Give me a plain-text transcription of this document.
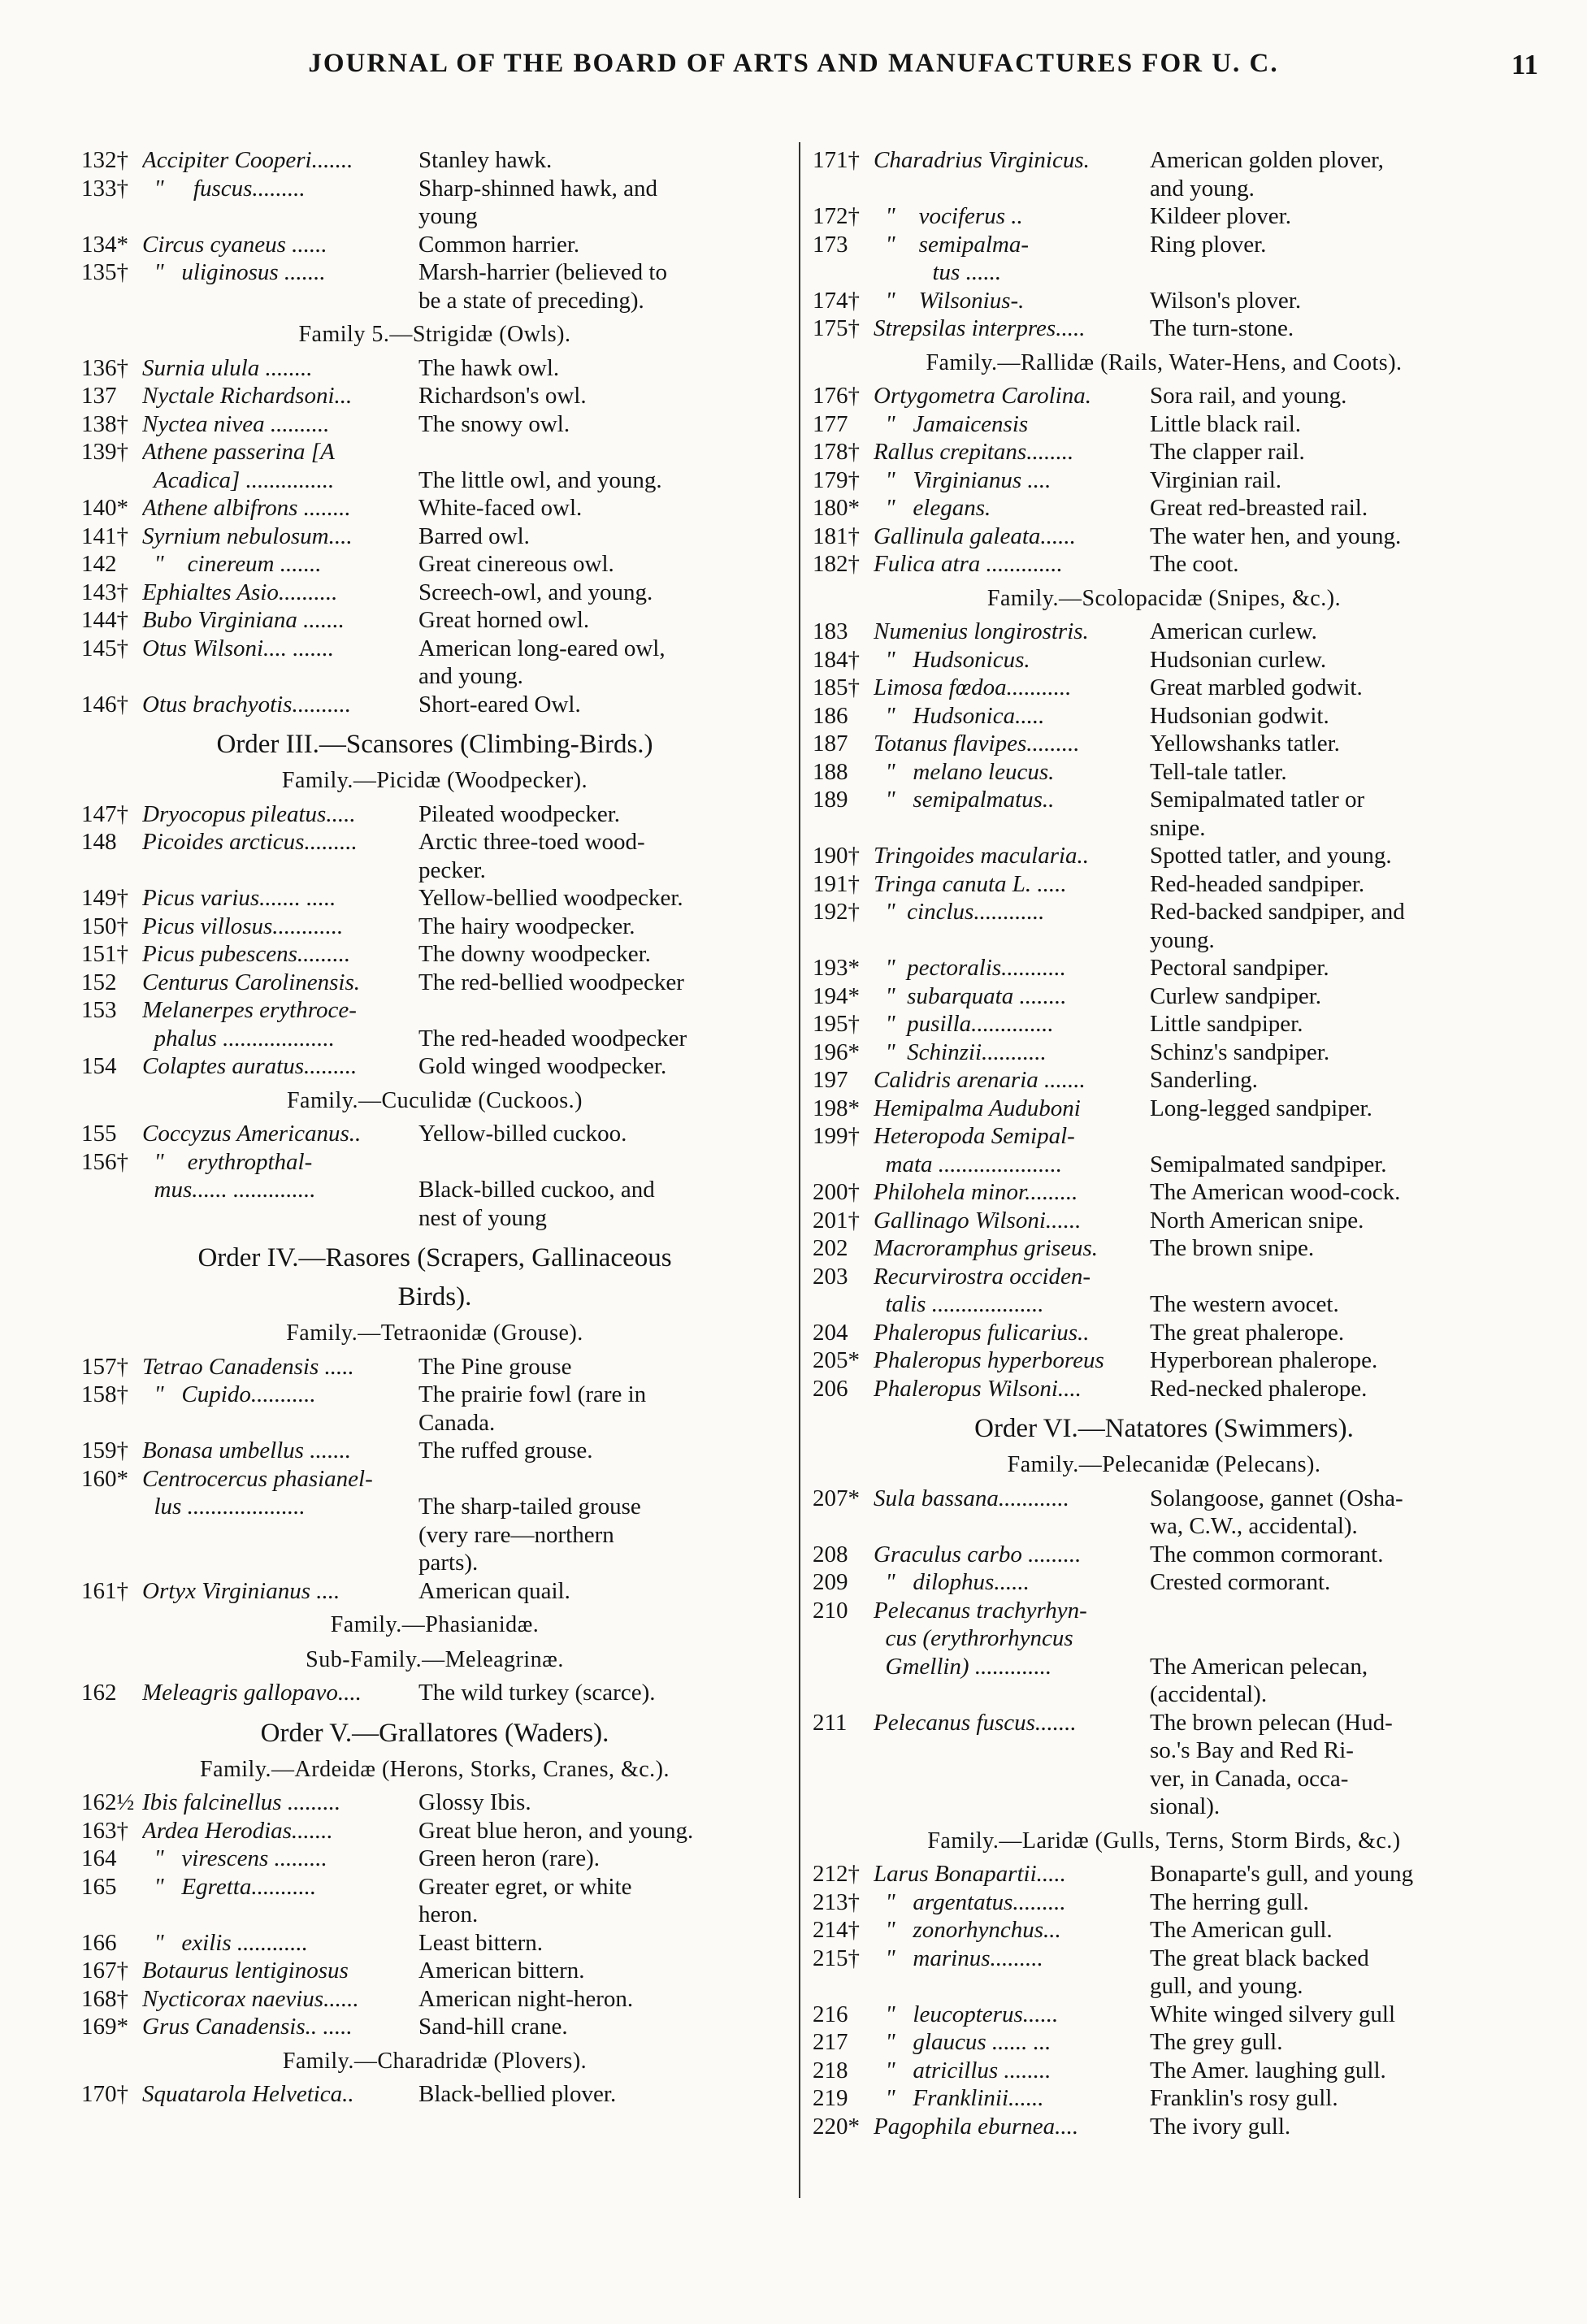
JOURNAL OF THE BOARD OF ARTS AND MANUFACTURES FOR U. C.	11
132† Accipiter Cooperi.......	Stanley hawk.
133†  "     fuscus.........	Sharp-shinned hawk, and
young
134* Circus cyaneus ......	Common harrier.
135†  "   uliginosus .......	Marsh-harrier (believed to
be a state of preceding).
Family 5.—Strigidæ (Owls).
136† Surnia ulula ........	The hawk owl.
137 Nyctale Richardsoni...	Richardson's owl.
138† Nyctea nivea ..........	The snowy owl.
139† Athene passerina [A
Acadica] ...............	The little owl, and young.
140* Athene albifrons ........	White-faced owl.
141† Syrnium nebulosum....	Barred owl.
142  "    cinereum .......	Great cinereous owl.
143† Ephialtes Asio..........	Screech-owl, and young.
144† Bubo Virginiana .......	Great horned owl.
145† Otus Wilsoni.... .......	American long-eared owl,
and young.
146† Otus brachyotis..........	Short-eared Owl.
Order III.—Scansores (Climbing-Birds.)
Family.—Picidæ (Woodpecker).
147† Dryocopus pileatus.....	Pileated woodpecker.
148 Picoides arcticus.........	Arctic three-toed wood-
pecker.
149† Picus varius....... .....	Yellow-bellied woodpecker.
150† Picus villosus............	The hairy woodpecker.
151† Picus pubescens.........	The downy woodpecker.
152 Centurus Carolinensis. The red-bellied woodpecker
153 Melanerpes erythroce-
phalus ...................	The red-headed woodpecker
154 Colaptes auratus.........	Gold winged woodpecker.
Family.—Cuculidæ (Cuckoos.)
155 Coccyzus Americanus.. Yellow-billed cuckoo.
156†  "    erythropthal-
mus...... ..............	Black-billed cuckoo, and
nest of young
Order IV.—Rasores (Scrapers, Gallinaceous
Birds).
Family.—Tetraonidæ (Grouse).
157† Tetrao Canadensis .....	The Pine grouse
158†  "   Cupido...........	The prairie fowl (rare in
Canada.
159† Bonasa umbellus .......	The ruffed grouse.
160* Centrocercus phasianel-
lus ....................	The sharp-tailed grouse
(very rare—northern
parts).
161† Ortyx Virginianus ....	American quail.
Family.—Phasianidæ.
Sub-Family.—Meleagrinæ.
162 Meleagris gallopavo.... The wild turkey (scarce).
Order V.—Grallatores (Waders).
Family.—Ardeidæ (Herons, Storks, Cranes, &c.).
162½ Ibis falcinellus .........	Glossy Ibis.
163† Ardea Herodias.......	Great blue heron, and young.
164  "   virescens .........	Green heron (rare).
165  "   Egretta...........	Greater egret, or white
heron.
166  "   exilis ............	Least bittern.
167† Botaurus lentiginosus	American bittern.
168† Nycticorax naevius......	American night-heron.
169* Grus Canadensis.. .....	Sand-hill crane.
Family.—Charadridæ (Plovers).
170† Squatarola Helvetica..	Black-bellied plover.
171† Charadrius Virginicus.	American golden plover,
and young.
172†  "    vociferus ..	Kildeer plover.
173  "    semipalma-	Ring plover.
tus ......
174†  "    Wilsonius-.	Wilson's plover.
175† Strepsilas interpres.....	The turn-stone.
Family.—Rallidæ (Rails, Water-Hens, and Coots).
176† Ortygometra Carolina. Sora rail, and young.
177  "   Jamaicensis	Little black rail.
178† Rallus crepitans........	The clapper rail.
179†  "   Virginianus ....	Virginian rail.
180*  "   elegans.	Great red-breasted rail.
181† Gallinula galeata......	The water hen, and young.
182† Fulica atra .............	The coot.
Family.—Scolopacidæ (Snipes, &c.).
183 Numenius longirostris.	American curlew.
184†  "   Hudsonicus.	Hudsonian curlew.
185† Limosa fœdoa...........	Great marbled godwit.
186  "   Hudsonica.....	Hudsonian godwit.
187 Totanus flavipes.........	Yellowshanks tatler.
188  "   melano leucus.	Tell-tale tatler.
189  "   semipalmatus..	Semipalmated tatler or
snipe.
190† Tringoides macularia..	Spotted tatler, and young.
191† Tringa canuta L. .....	Red-headed sandpiper.
192†  "  cinclus............	Red-backed sandpiper, and
young.
193*  "  pectoralis...........	Pectoral sandpiper.
194*  "  subarquata ........	Curlew sandpiper.
195†  "  pusilla..............	Little sandpiper.
196*  "  Schinzii...........	Schinz's sandpiper.
197 Calidris arenaria .......	Sanderling.
198* Hemipalma Auduboni	Long-legged sandpiper.
199† Heteropoda Semipal-
mata .....................	Semipalmated sandpiper.
200† Philohela minor.........	The American wood-cock.
201† Gallinago Wilsoni......	North American snipe.
202 Macroramphus griseus. The brown snipe.
203 Recurvirostra occiden-
talis ...................	The western avocet.
204 Phaleropus fulicarius..	The great phalerope.
205* Phaleropus hyperboreus Hyperborean phalerope.
206 Phaleropus Wilsoni....	Red-necked phalerope.
Order VI.—Natatores (Swimmers).
Family.—Pelecanidæ (Pelecans).
207* Sula bassana............	Solangoose, gannet (Osha-
wa, C.W., accidental).
208 Graculus carbo .........	The common cormorant.
209  "   dilophus......	Crested cormorant.
210 Pelecanus trachyrhyn-
cus (erythrorhyncus
Gmellin) .............	The American pelecan,
(accidental).
211 Pelecanus fuscus.......	The brown pelecan (Hud-
so.'s Bay and Red Ri-
ver, in Canada, occa-
sional).
Family.—Laridæ (Gulls, Terns, Storm Birds, &c.)
212† Larus Bonapartii.....	Bonaparte's gull, and young
213†  "   argentatus.........	The herring gull.
214†  "   zonorhynchus...	The American gull.
215†  "   marinus.........	The great black backed
gull, and young.
216  "   leucopterus......	White winged silvery gull
217  "   glaucus ...... ...	The grey gull.
218  "   atricillus ........	The Amer. laughing gull.
219  "   Franklinii......	Franklin's rosy gull.
220* Pagophila eburnea....	The ivory gull.
